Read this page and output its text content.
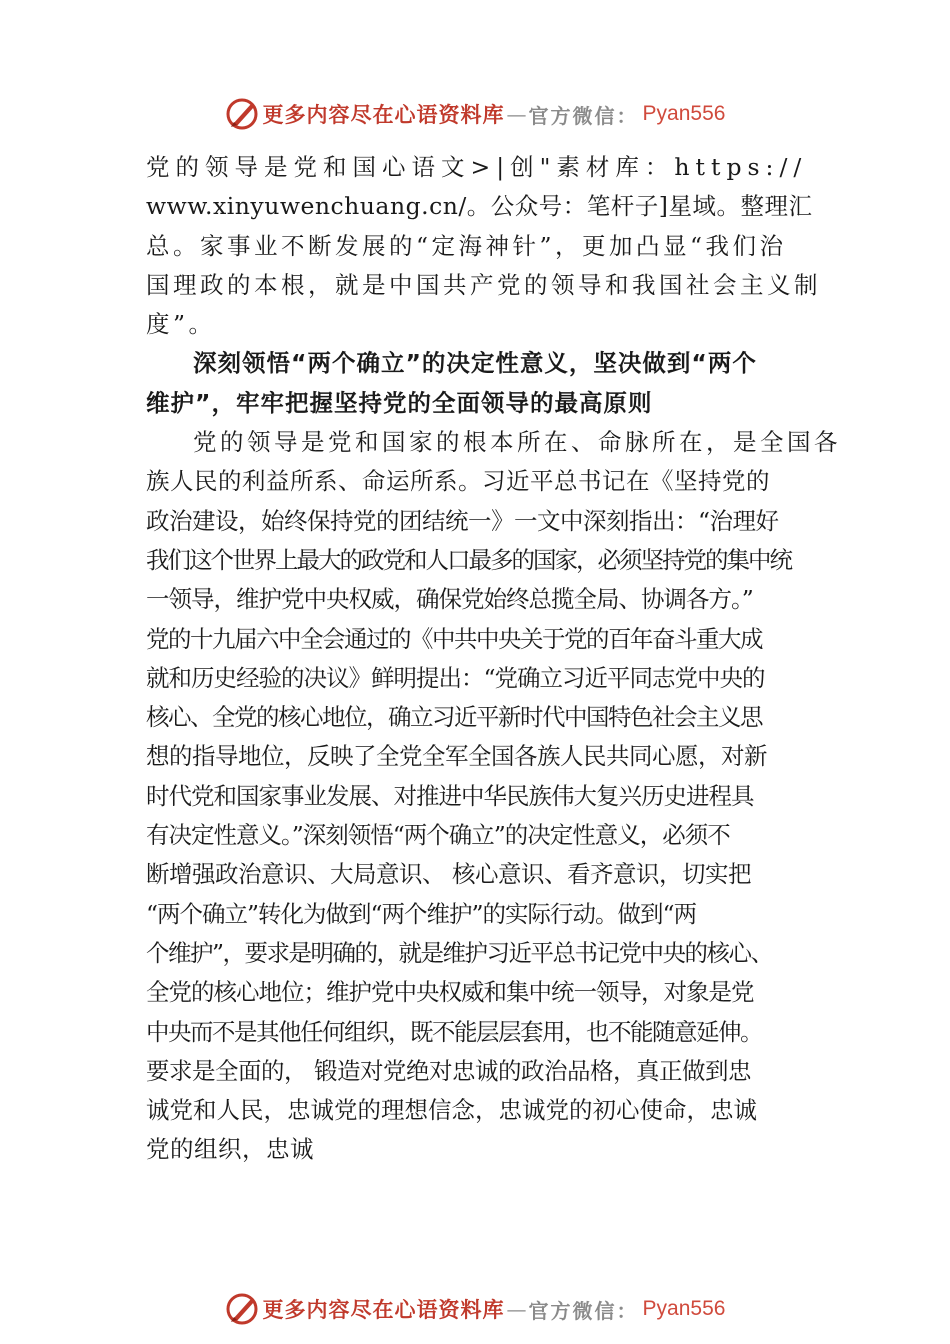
更多内容尽在心语资料库 — 官方微信： Pyan556
党的领导是党和国心语文>|创"素材库：https://
www.xinyuwenchuang.cn/。公众号：笔杆子]星域。整理汇
总。家事业不断发展的“定海神针”，更加凸显“我们治
国理政的本根，就是中国共产党的领导和我国社会主义制
度”。
深刻领悟“两个确立”的决定性意义，坚决做到“两个
维护”，牢牢把握坚持党的全面领导的最高原则
党的领导是党和国家的根本所在、命脉所在，是全国各
族人民的利益所系、命运所系。习近平总书记在《坚持党的
政治建设，始终保持党的团结统一》一文中深刻指出：“治理好
我们这个世界上最大的政党和人口最多的国家，必须坚持党的集中统
一领导，维护党中央权威，确保党始终总揽全局、协调各方。”
党的十九届六中全会通过的《中共中央关于党的百年奋斗重大成
就和历史经验的决议》鲜明提出：“党确立习近平同志党中央的
核心、全党的核心地位，确立习近平新时代中国特色社会主义思
想的指导地位，反映了全党全军全国各族人民共同心愿，对新
时代党和国家事业发展、对推进中华民族伟大复兴历史进程具
有决定性意义。”深刻领悟“两个确立”的决定性意义，必须不
断增强政治意识、大局意识、 核心意识、看齐意识，切实把
“两个确立”转化为做到“两个维护”的实际行动。做到“两
个维护”，要求是明确的，就是维护习近平总书记党中央的核心、
全党的核心地位；维护党中央权威和集中统一领导，对象是党
中央而不是其他任何组织，既不能层层套用，也不能随意延伸。
要求是全面的， 锻造对党绝对忠诚的政治品格，真正做到忠
诚党和人民，忠诚党的理想信念，忠诚党的初心使命，忠诚
党的组织，忠诚
更多内容尽在心语资料库 — 官方微信： Pyan556
